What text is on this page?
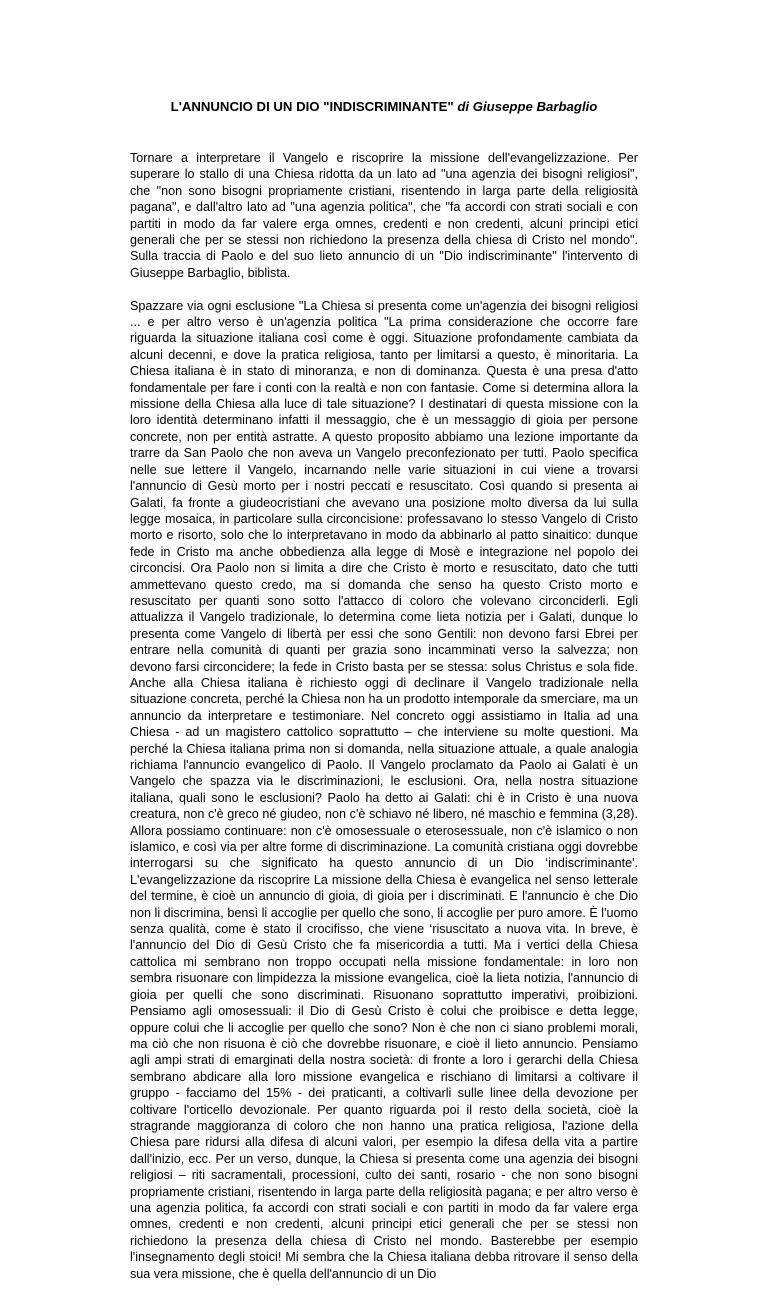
L'ANNUNCIO DI UN DIO "INDISCRIMINANTE" di Giuseppe Barbaglio

Tornare a interpretare il Vangelo e riscoprire la missione dell'evangelizzazione. Per superare lo stallo di una Chiesa ridotta da un lato ad "una agenzia dei bisogni religiosi", che "non sono bisogni propriamente cristiani, risentendo in larga parte della religiosità pagana", e dall'altro lato ad "una agenzia politica", che "fa accordi con strati sociali e con partiti in modo da far valere erga omnes, credenti e non credenti, alcuni principi etici generali che per se stessi non richiedono la presenza della chiesa di Cristo nel mondo". Sulla traccia di Paolo e del suo lieto annuncio di un "Dio indiscriminante" l'intervento di Giuseppe Barbaglio, biblista.

Spazzare via ogni esclusione "La Chiesa si presenta come un'agenzia dei bisogni religiosi ... e per altro verso è un'agenzia politica "La prima considerazione che occorre fare riguarda la situazione italiana così come è oggi. Situazione profondamente cambiata da alcuni decenni, e dove la pratica religiosa, tanto per limitarsi a questo, è minoritaria. La Chiesa italiana è in stato di minoranza, e non di dominanza. Questa è una presa d'atto fondamentale per fare i conti con la realtà e non con fantasie. Come si determina allora la missione della Chiesa alla luce di tale situazione? I destinatari di questa missione con la loro identità determinano infatti il messaggio, che è un messaggio di gioia per persone concrete, non per entità astratte. A questo proposito abbiamo una lezione importante da trarre da San Paolo che non aveva un Vangelo preconfezionato per tutti. Paolo specifica nelle sue lettere il Vangelo, incarnando nelle varie situazioni in cui viene a trovarsi l'annuncio di Gesù morto per i nostri peccati e resuscitato. Così quando si presenta ai Galati, fa fronte a giudeocristiani che avevano una posizione molto diversa da lui sulla legge mosaica, in particolare sulla circoncisione: professavano lo stesso Vangelo di Cristo morto e risorto, solo che lo interpretavano in modo da abbinarlo al patto sinaitico: dunque fede in Cristo ma anche obbedienza alla legge di Mosè e integrazione nel popolo dei circoncisi. Ora Paolo non si limita a dire che Cristo è morto e resuscitato, dato che tutti ammettevano questo credo, ma si domanda che senso ha questo Cristo morto e resuscitato per quanti sono sotto l'attacco di coloro che volevano circonciderli. Egli attualizza il Vangelo tradizionale, lo determina come lieta notizia per i Galati, dunque lo presenta come Vangelo di libertà per essi che sono Gentili: non devono farsi Ebrei per entrare nella comunità di quanti per grazia sono incamminati verso la salvezza; non devono farsi circoncidere; la fede in Cristo basta per se stessa: solus Christus e sola fide. Anche alla Chiesa italiana è richiesto oggi di declinare il Vangelo tradizionale nella situazione concreta, perché la Chiesa non ha un prodotto intemporale da smerciare, ma un annuncio da interpretare e testimoniare. Nel concreto oggi assistiamo in Italia ad una Chiesa - ad un magistero cattolico soprattutto – che interviene su molte questioni. Ma perché la Chiesa italiana prima non si domanda, nella situazione attuale, a quale analogia richiama l'annuncio evangelico di Paolo. Il Vangelo proclamato da Paolo ai Galati è un Vangelo che spazza via le discriminazioni, le esclusioni. Ora, nella nostra situazione italiana, quali sono le esclusioni? Paolo ha detto ai Galati: chi è in Cristo è una nuova creatura, non c'è greco né giudeo, non c'è schiavo né libero, né maschio e femmina (3,28). Allora possiamo continuare: non c'è omosessuale o eterosessuale, non c'è islamico o non islamico, e così via per altre forme di discriminazione. La comunità cristiana oggi dovrebbe interrogarsi su che significato ha questo annuncio di un Dio ‘indiscriminante'. L'evangelizzazione da riscoprire La missione della Chiesa è evangelica nel senso letterale del termine, è cioè un annuncio di gioia, di gioia per i discriminati. E l'annuncio è che Dio non li discrimina, bensì li accoglie per quello che sono, li accoglie per puro amore. È l'uomo senza qualità, come è stato il crocifisso, che viene ‘risuscitato a nuova vita. In breve, è l'annuncio del Dio di Gesù Cristo che fa misericordia a tutti. Ma i vertici della Chiesa cattolica mi sembrano non troppo occupati nella missione fondamentale: in loro non sembra risuonare con limpidezza la missione evangelica, cioè la lieta notizia, l'annuncio di gioia per quelli che sono discriminati. Risuonano soprattutto imperativi, proibizioni. Pensiamo agli omosessuali: il Dio di Gesù Cristo è colui che proibisce e detta legge, oppure colui che li accoglie per quello che sono? Non è che non ci siano problemi morali, ma ciò che non risuona è ciò che dovrebbe risuonare, e cioè il lieto annuncio. Pensiamo agli ampi strati di emarginati della nostra società: di fronte a loro i gerarchi della Chiesa sembrano abdicare alla loro missione evangelica e rischiano di limitarsi a coltivare il gruppo - facciamo del 15% - dei praticanti, a coltivarli sulle linee della devozione per coltivare l'orticello devozionale. Per quanto riguarda poi il resto della società, cioè la stragrande maggioranza di coloro che non hanno una pratica religiosa, l'azione della Chiesa pare ridursi alla difesa di alcuni valori, per esempio la difesa della vita a partire dall'inizio, ecc. Per un verso, dunque, la Chiesa si presenta come una agenzia dei bisogni religiosi – riti sacramentali, processioni, culto dei santi, rosario - che non sono bisogni propriamente cristiani, risentendo in larga parte della religiosità pagana; e per altro verso è una agenzia politica, fa accordi con strati sociali e con partiti in modo da far valere erga omnes, credenti e non credenti, alcuni principi etici generali che per se stessi non richiedono la presenza della chiesa di Cristo nel mondo. Basterebbe per esempio l'insegnamento degli stoici! Mi sembra che la Chiesa italiana debba ritrovare il senso della sua vera missione, che è quella dell'annuncio di un Dio
